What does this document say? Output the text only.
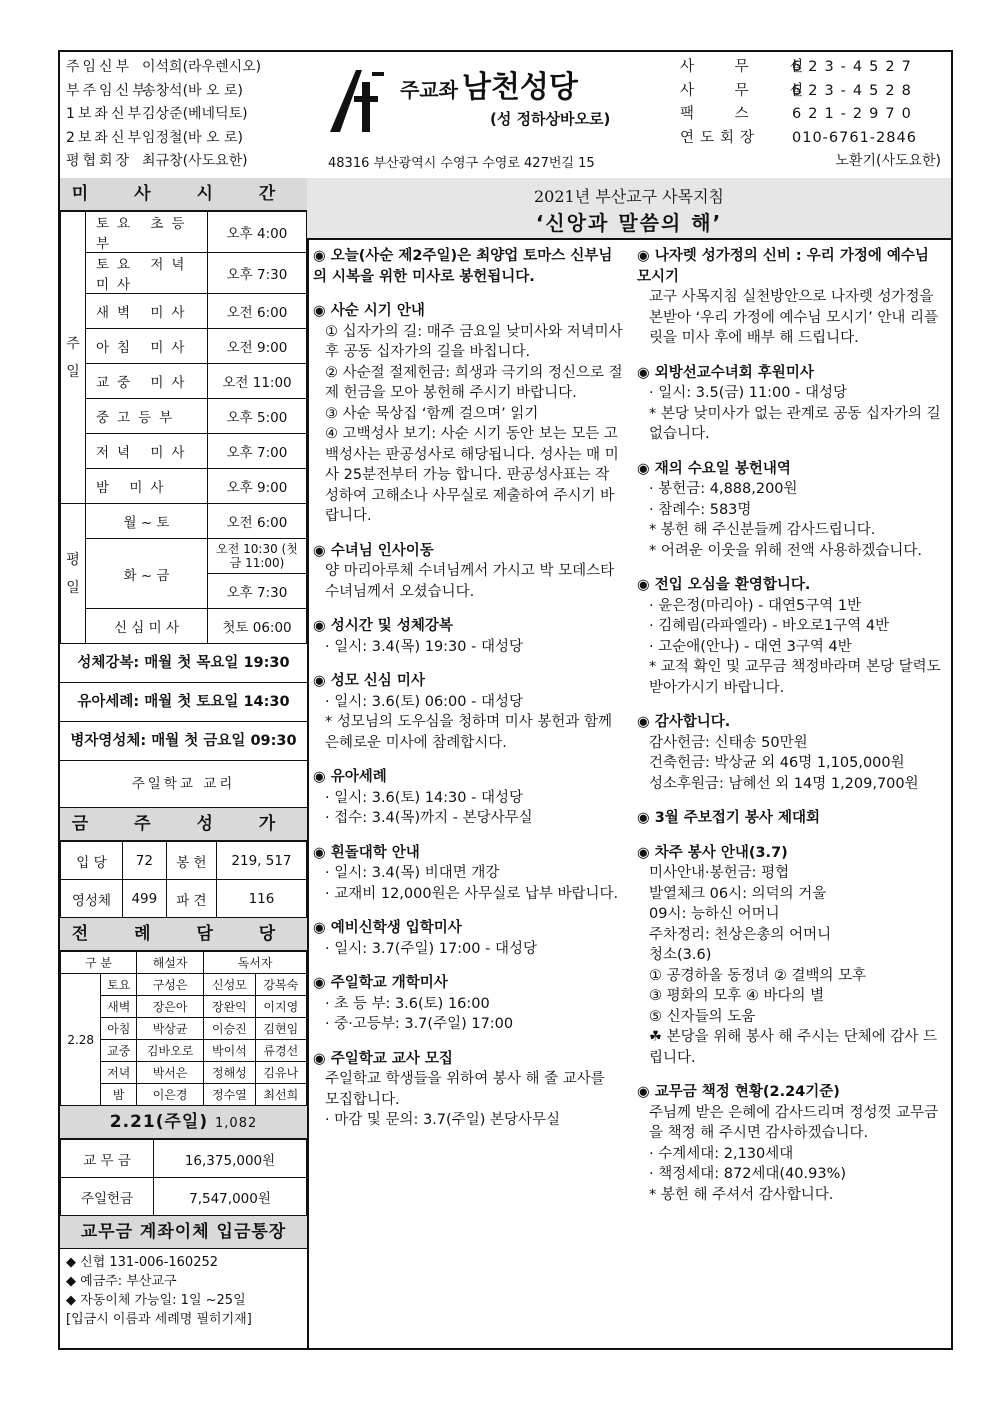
주임신부 이석희(라우렌시오)
부주임신부송창석(바 오 로)
1보좌신부김상준(베네딕토)
2보좌신부임정철(바 오 로)
평협회장 최규창(사도요한)
주교좌 남천성당
(성 정하상바오로)
48316 부산광역시 수영구 수영로 427번길 15
사 무 실623-4527
사 무 실623-4528
팩 스 621-2970
연도회장 010-6761-2846
노환기(사도요한)
미 사 시 간
주일	토요 초등부	오후 4:00
	토요 저녁미사	오후 7:30
	새벽 미사	오전 6:00
	아침 미사	오전 9:00
	교중 미사	오전 11:00
	중고등부	오후 5:00
	저녁 미사	오후 7:00
	밤 미사	오후 9:00
평일	월 ~ 토	오전 6:00
	화 ~ 금	오전 10:30 (첫금 11:00)
		오후 7:30
	신 심 미 사	첫토 06:00
성체강복: 매월 첫 목요일 19:30
유아세례: 매월 첫 토요일 14:30
병자영성체: 매월 첫 금요일 09:30
주일학교 교리
금 주 성 가
입 당	72	봉 헌	219, 517
영성체	499	파 견	116
전 례 담 당
구 분		해설자	독서자	
2.28	토요	구성은	신성모	강복숙
	새벽	장은아	장완익	이지영
	아침	박상균	이승진	김현임
	교중	김바오로	박이석	류경선
	저녁	박서은	정해성	김유나
	밤	이은경	정수열	최선희
2.21(주일) 1,082
교 무 금	16,375,000원
주일헌금	7,547,000원
교무금 계좌이체 입금통장
◆ 신협 131-006-160252
◆ 예금주: 부산교구
◆ 자동이체 가능일: 1일 ~25일
[입금시 이름과 세례명 필히기재]
2021년 부산교구 사목지침
‘신앙과 말씀의 해’
◉ 오늘(사순 제2주일)은 최양업 토마스 신부님의 시복을 위한 미사로 봉헌됩니다.
◉ 사순 시기 안내
① 십자가의 길: 매주 금요일 낮미사와 저녁미사 후 공동 십자가의 길을 바칩니다.
② 사순절 절제헌금: 희생과 극기의 정신으로 절제 헌금을 모아 봉헌해 주시기 바랍니다.
③ 사순 묵상집 ‘함께 걸으며’ 읽기
④ 고백성사 보기: 사순 시기 동안 보는 모든 고백성사는 판공성사로 해당됩니다. 성사는 매 미사 25분전부터 가능 합니다. 판공성사표는 작성하여 고해소나 사무실로 제출하여 주시기 바랍니다.
◉ 수녀님 인사이동
양 마리아루체 수녀님께서 가시고 박 모데스타 수녀님께서 오셨습니다.
◉ 성시간 및 성체강복
· 일시: 3.4(목) 19:30 - 대성당
◉ 성모 신심 미사
· 일시: 3.6(토) 06:00 - 대성당
* 성모님의 도우심을 청하며 미사 봉헌과 함께 은혜로운 미사에 참례합시다.
◉ 유아세례
· 일시: 3.6(토) 14:30 - 대성당
· 접수: 3.4(목)까지 - 본당사무실
◉ 흰돌대학 안내
· 일시: 3.4(목) 비대면 개강
· 교재비 12,000원은 사무실로 납부 바랍니다.
◉ 예비신학생 입학미사
· 일시: 3.7(주일) 17:00 - 대성당
◉ 주일학교 개학미사
· 초 등 부: 3.6(토) 16:00
· 중·고등부: 3.7(주일) 17:00
◉ 주일학교 교사 모집
주일학교 학생들을 위하여 봉사 해 줄 교사를 모집합니다.
· 마감 및 문의: 3.7(주일) 본당사무실
◉ 나자렛 성가정의 신비 : 우리 가정에 예수님 모시기
교구 사목지침 실천방안으로 나자렛 성가정을 본받아 ‘우리 가정에 예수님 모시기’ 안내 리플릿을 미사 후에 배부 해 드립니다.
◉ 외방선교수녀회 후원미사
· 일시: 3.5(금) 11:00 - 대성당
* 본당 낮미사가 없는 관계로 공동 십자가의 길 없습니다.
◉ 재의 수요일 봉헌내역
· 봉헌금: 4,888,200원
· 참례수: 583명
* 봉헌 해 주신분들께 감사드립니다.
* 어려운 이웃을 위해 전액 사용하겠습니다.
◉ 전입 오심을 환영합니다.
· 윤은정(마리아) - 대연5구역 1반
· 김혜림(라파엘라) - 바오로1구역 4반
· 고순애(안나) - 대연 3구역 4반
* 교적 확인 및 교무금 책정바라며 본당 달력도 받아가시기 바랍니다.
◉ 감사합니다.
감사헌금: 신태송 50만원
건축헌금: 박상균 외 46명 1,105,000원
성소후원금: 남혜선 외 14명 1,209,700원
◉ 3월 주보접기 봉사 제대회
◉ 차주 봉사 안내(3.7)
미사안내·봉헌금: 평협
발열체크 06시: 의덕의 거울
09시: 능하신 어머니
주차정리: 천상은총의 어머니
청소(3.6)
① 공경하올 동정녀 ② 결백의 모후
③ 평화의 모후 ④ 바다의 별
⑤ 신자들의 도움
☘ 본당을 위해 봉사 해 주시는 단체에 감사 드립니다.
◉ 교무금 책정 현황(2.24기준)
주님께 받은 은혜에 감사드리며 정성껏 교무금을 책정 해 주시면 감사하겠습니다.
· 수계세대: 2,130세대
· 책정세대: 872세대(40.93%)
* 봉헌 해 주셔서 감사합니다.
